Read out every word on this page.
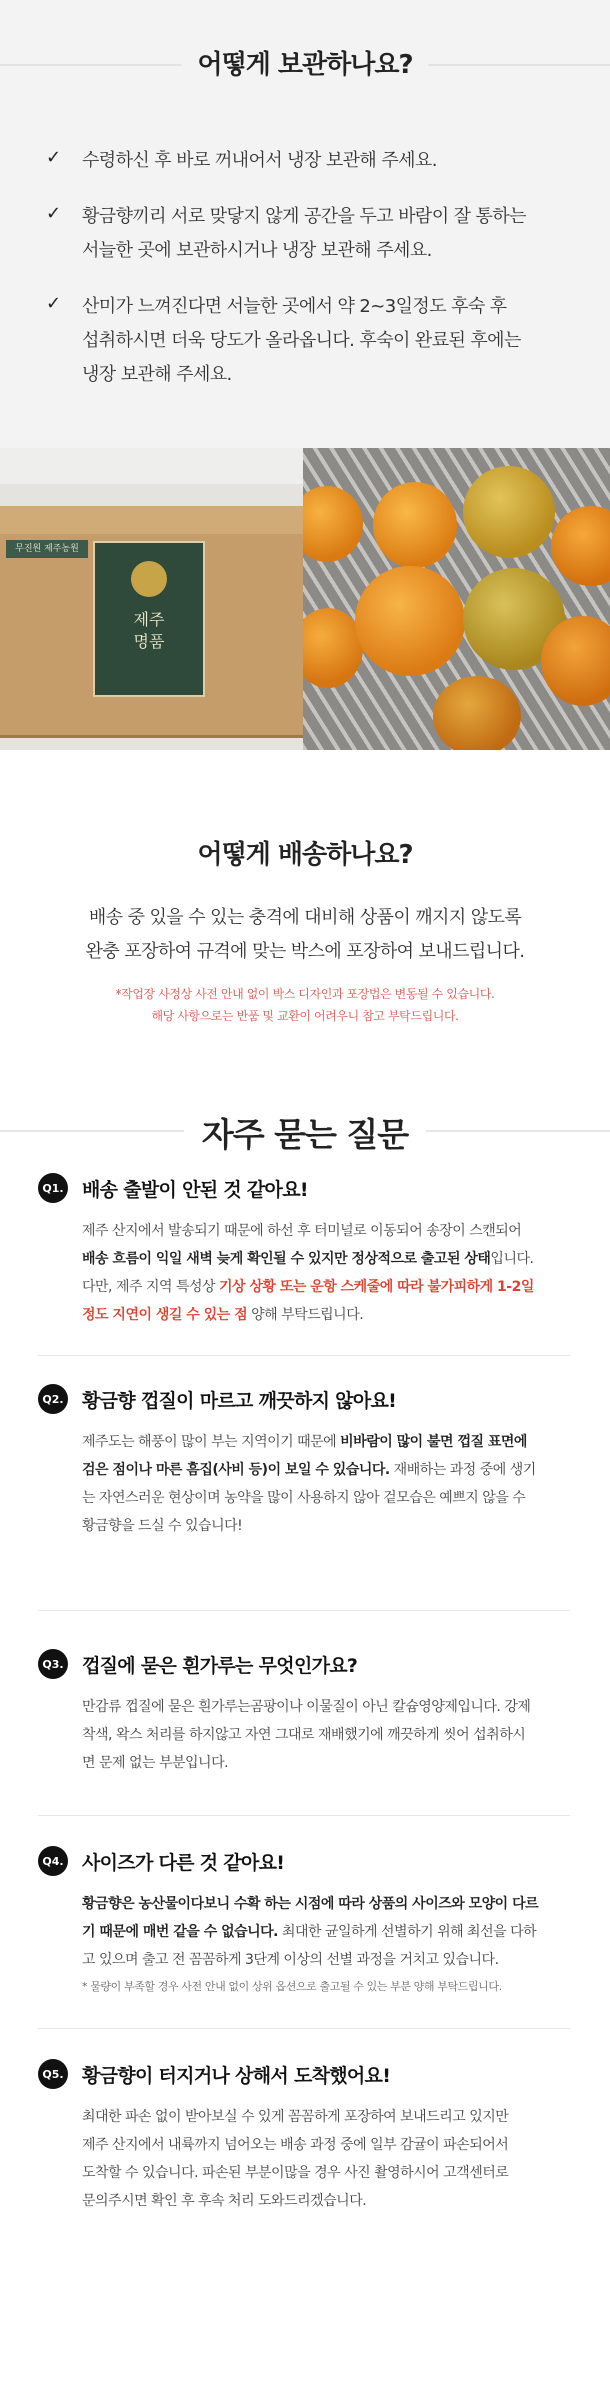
어떻게 보관하나요?
✓	수령하신 후 바로 꺼내어서 냉장 보관해 주세요.

✓	황금향끼리 서로 맞닿지 않게 공간을 두고 바람이 잘 통하는
서늘한 곳에 보관하시거나 냉장 보관해 주세요.

✓	산미가 느껴진다면 서늘한 곳에서 약 2~3일정도 후숙 후
섭취하시면 더욱 당도가 올라옵니다. 후숙이 완료된 후에는
냉장 보관해 주세요.

무진원 제주농원
제주
명품
어떻게 배송하나요?

배송 중 있을 수 있는 충격에 대비해 상품이 깨지지 않도록
완충 포장하여 규격에 맞는 박스에 포장하여 보내드립니다.

*작업장 사정상 사전 안내 없이 박스 디자인과 포장법은 변동될 수 있습니다.
해당 사항으로는 반품 및 교환이 어려우니 참고 부탁드립니다.

자주 묻는 질문
Q1. 배송 출발이 안된 것 같아요!

제주 산지에서 발송되기 때문에 하선 후 터미널로 이동되어 송장이 스캔되어
배송 흐름이 익일 새벽 늦게 확인될 수 있지만 정상적으로 출고된 상태입니다.
다만, 제주 지역 특성상 기상 상황 또는 운항 스케줄에 따라 불가피하게 1-2일
정도 지연이 생길 수 있는 점 양해 부탁드립니다.

Q2. 황금향 껍질이 마르고 깨끗하지 않아요!

제주도는 해풍이 많이 부는 지역이기 때문에 비바람이 많이 불면 껍질 표면에
검은 점이나 마른 흠집(사비 등)이 보일 수 있습니다. 재배하는 과정 중에 생기
는 자연스러운 현상이며 농약을 많이 사용하지 않아 겉모습은 예쁘지 않을 수
황금향을 드실 수 있습니다!

Q3. 껍질에 묻은 흰가루는 무엇인가요?

만감류 껍질에 묻은 흰가루는곰팡이나 이물질이 아닌 칼슘영양제입니다. 강제
착색, 왁스 처리를 하지않고 자연 그대로 재배했기에 깨끗하게 씻어 섭취하시
면 문제 없는 부분입니다.

Q4. 사이즈가 다른 것 같아요!

황금향은 농산물이다보니 수확 하는 시점에 따라 상품의 사이즈와 모양이 다르
기 때문에 매번 같을 수 없습니다. 최대한 균일하게 선별하기 위해 최선을 다하
고 있으며 출고 전 꼼꼼하게 3단계 이상의 선별 과정을 거치고 있습니다.

* 물량이 부족할 경우 사전 안내 없이 상위 옵션으로 출고될 수 있는 부분 양해 부탁드립니다.

Q5. 황금향이 터지거나 상해서 도착했어요!

최대한 파손 없이 받아보실 수 있게 꼼꼼하게 포장하여 보내드리고 있지만
제주 산지에서 내륙까지 넘어오는 배송 과정 중에 일부 감귤이 파손되어서
도착할 수 있습니다. 파손된 부분이많을 경우 사진 촬영하시어 고객센터로
문의주시면 확인 후 후속 처리 도와드리겠습니다.
